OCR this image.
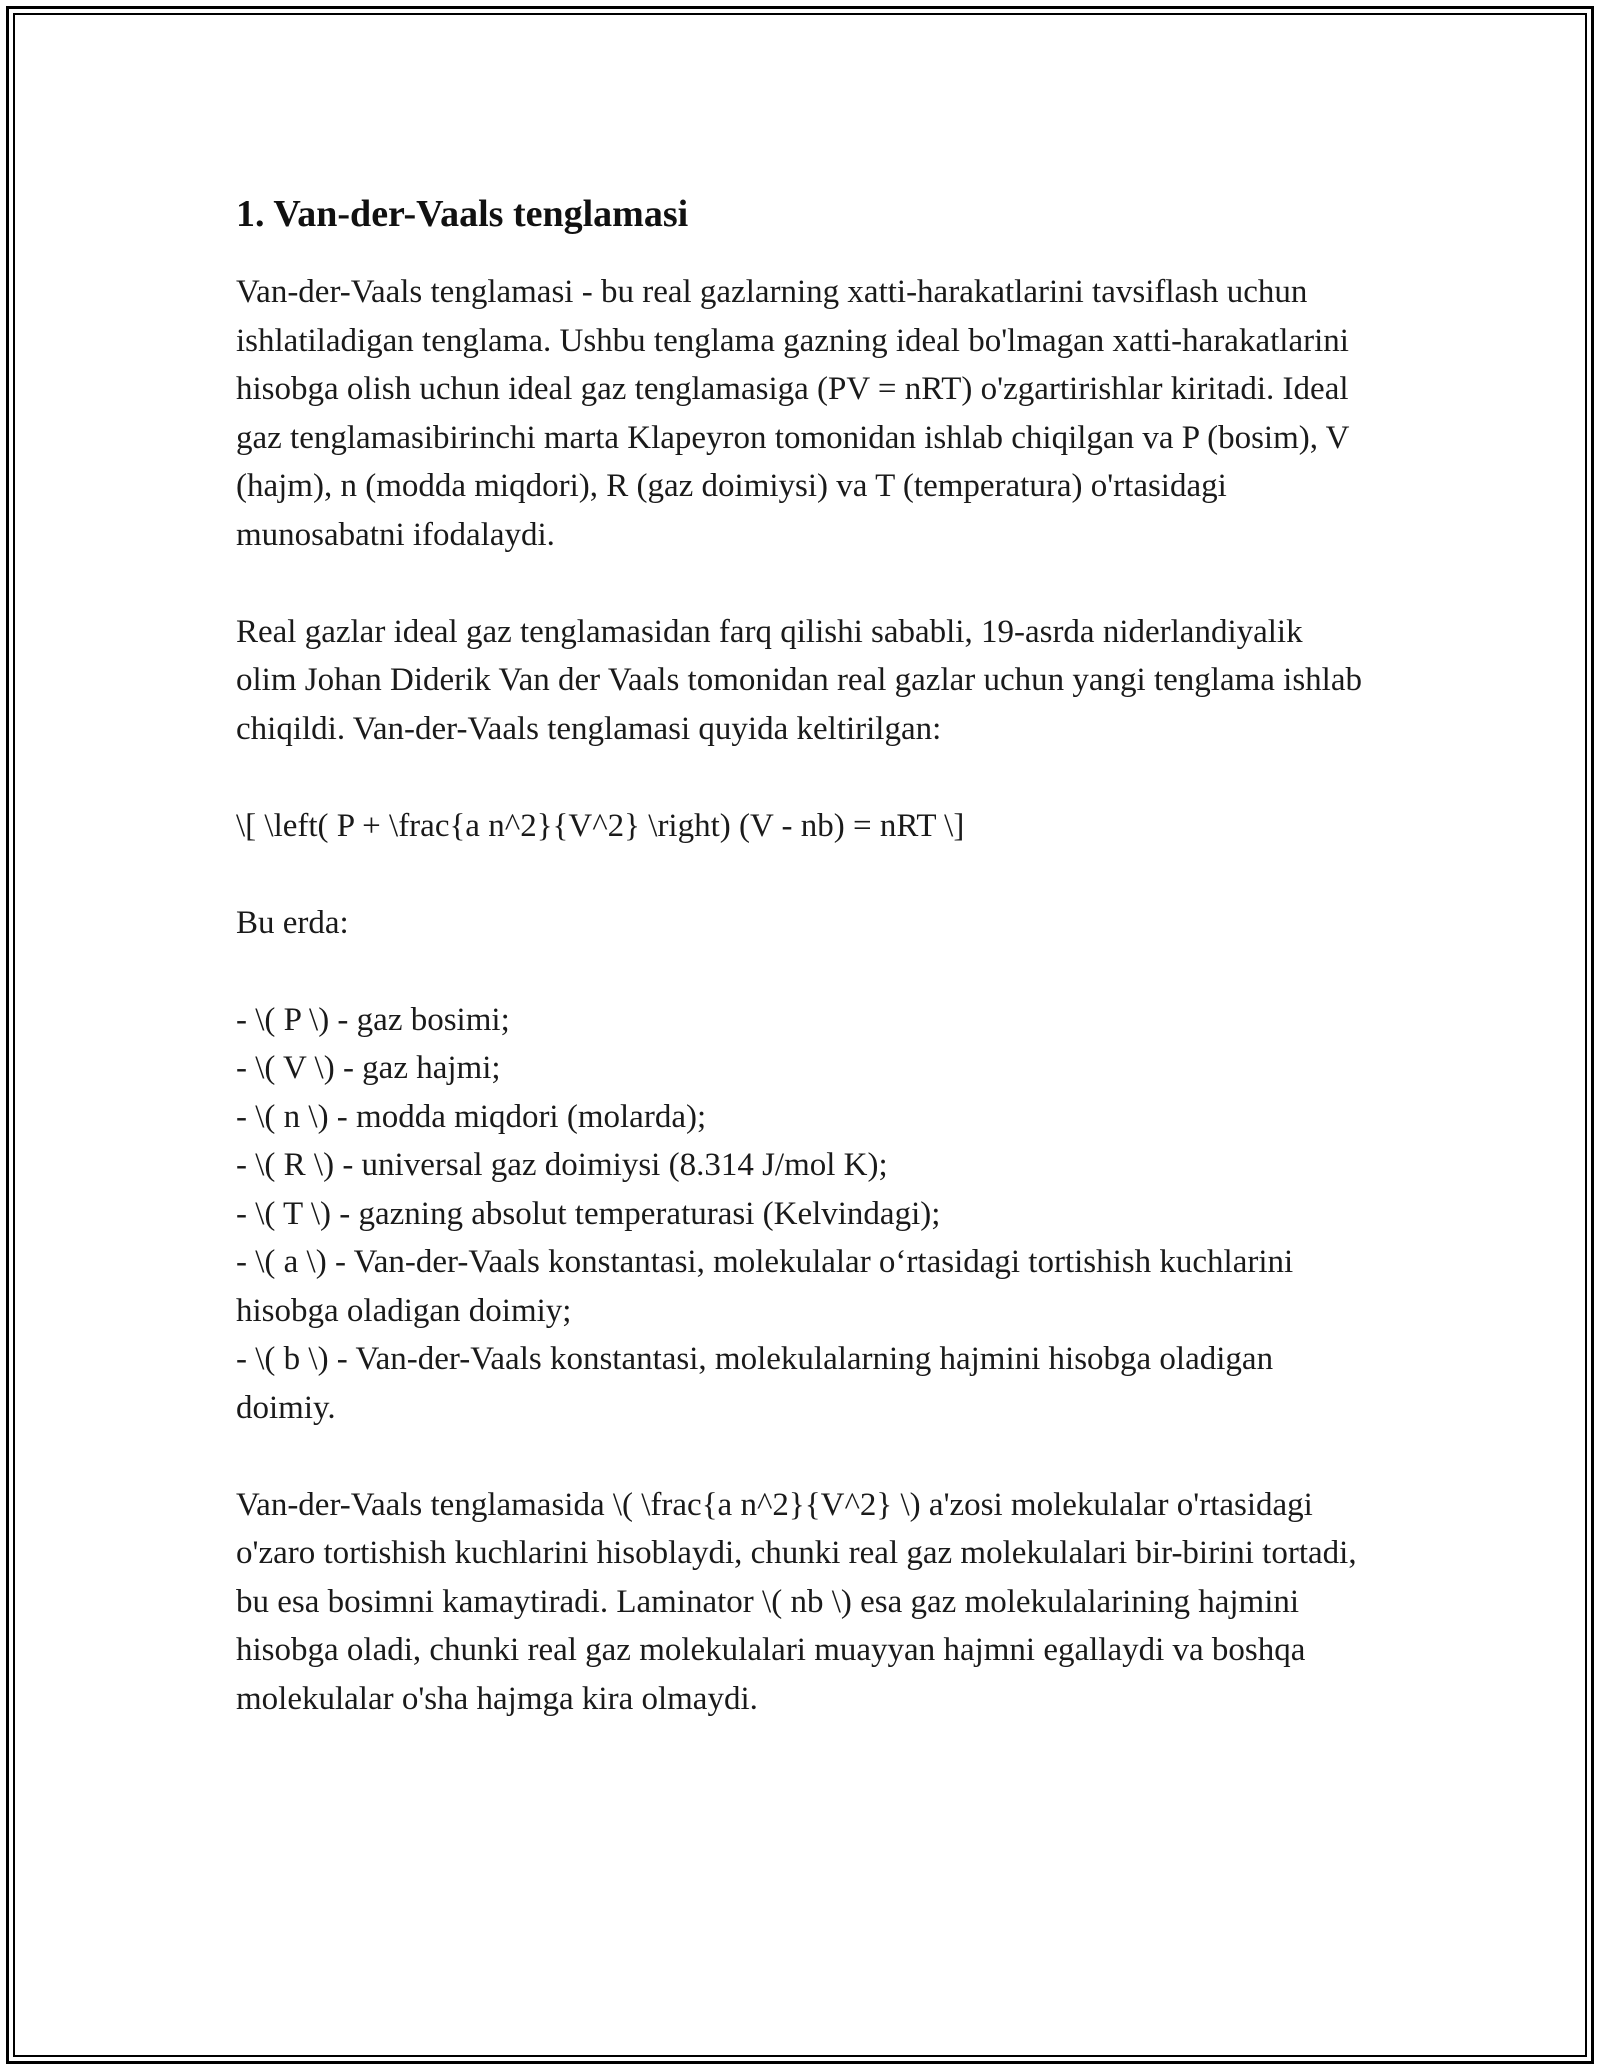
1. Van-der-Vaals tenglamasi

Van-der-Vaals tenglamasi - bu real gazlarning xatti-harakatlarini tavsiflash uchun ishlatiladigan tenglama. Ushbu tenglama gazning ideal bo'lmagan xatti-harakatlarini hisobga olish uchun ideal gaz tenglamasiga (PV = nRT) o'zgartirishlar kiritadi. Ideal gaz tenglamasibirinchi marta Klapeyron tomonidan ishlab chiqilgan va P (bosim), V (hajm), n (modda miqdori), R (gaz doimiysi) va T (temperatura) o'rtasidagi munosabatni ifodalaydi.

Real gazlar ideal gaz tenglamasidan farq qilishi sababli, 19-asrda niderlandiyalik olim Johan Diderik Van der Vaals tomonidan real gazlar uchun yangi tenglama ishlab chiqildi. Van-der-Vaals tenglamasi quyida keltirilgan:

\[ \left( P + \frac{a n^2}{V^2} \right) (V - nb) = nRT \]

Bu erda:

- \( P \) - gaz bosimi;
- \( V \) - gaz hajmi;
- \( n \) - modda miqdori (molarda);
- \( R \) - universal gaz doimiysi (8.314 J/mol K);
- \( T \) - gazning absolut temperaturasi (Kelvindagi);
- \( a \) - Van-der-Vaals konstantasi, molekulalar o‘rtasidagi tortishish kuchlarini hisobga oladigan doimiy;
- \( b \) - Van-der-Vaals konstantasi, molekulalarning hajmini hisobga oladigan doimiy.

Van-der-Vaals tenglamasida \( \frac{a n^2}{V^2} \) a'zosi molekulalar o'rtasidagi o'zaro tortishish kuchlarini hisoblaydi, chunki real gaz molekulalari bir-birini tortadi, bu esa bosimni kamaytiradi. Laminator \( nb \) esa gaz molekulalarining hajmini hisobga oladi, chunki real gaz molekulalari muayyan hajmni egallaydi va boshqa molekulalar o'sha hajmga kira olmaydi.
